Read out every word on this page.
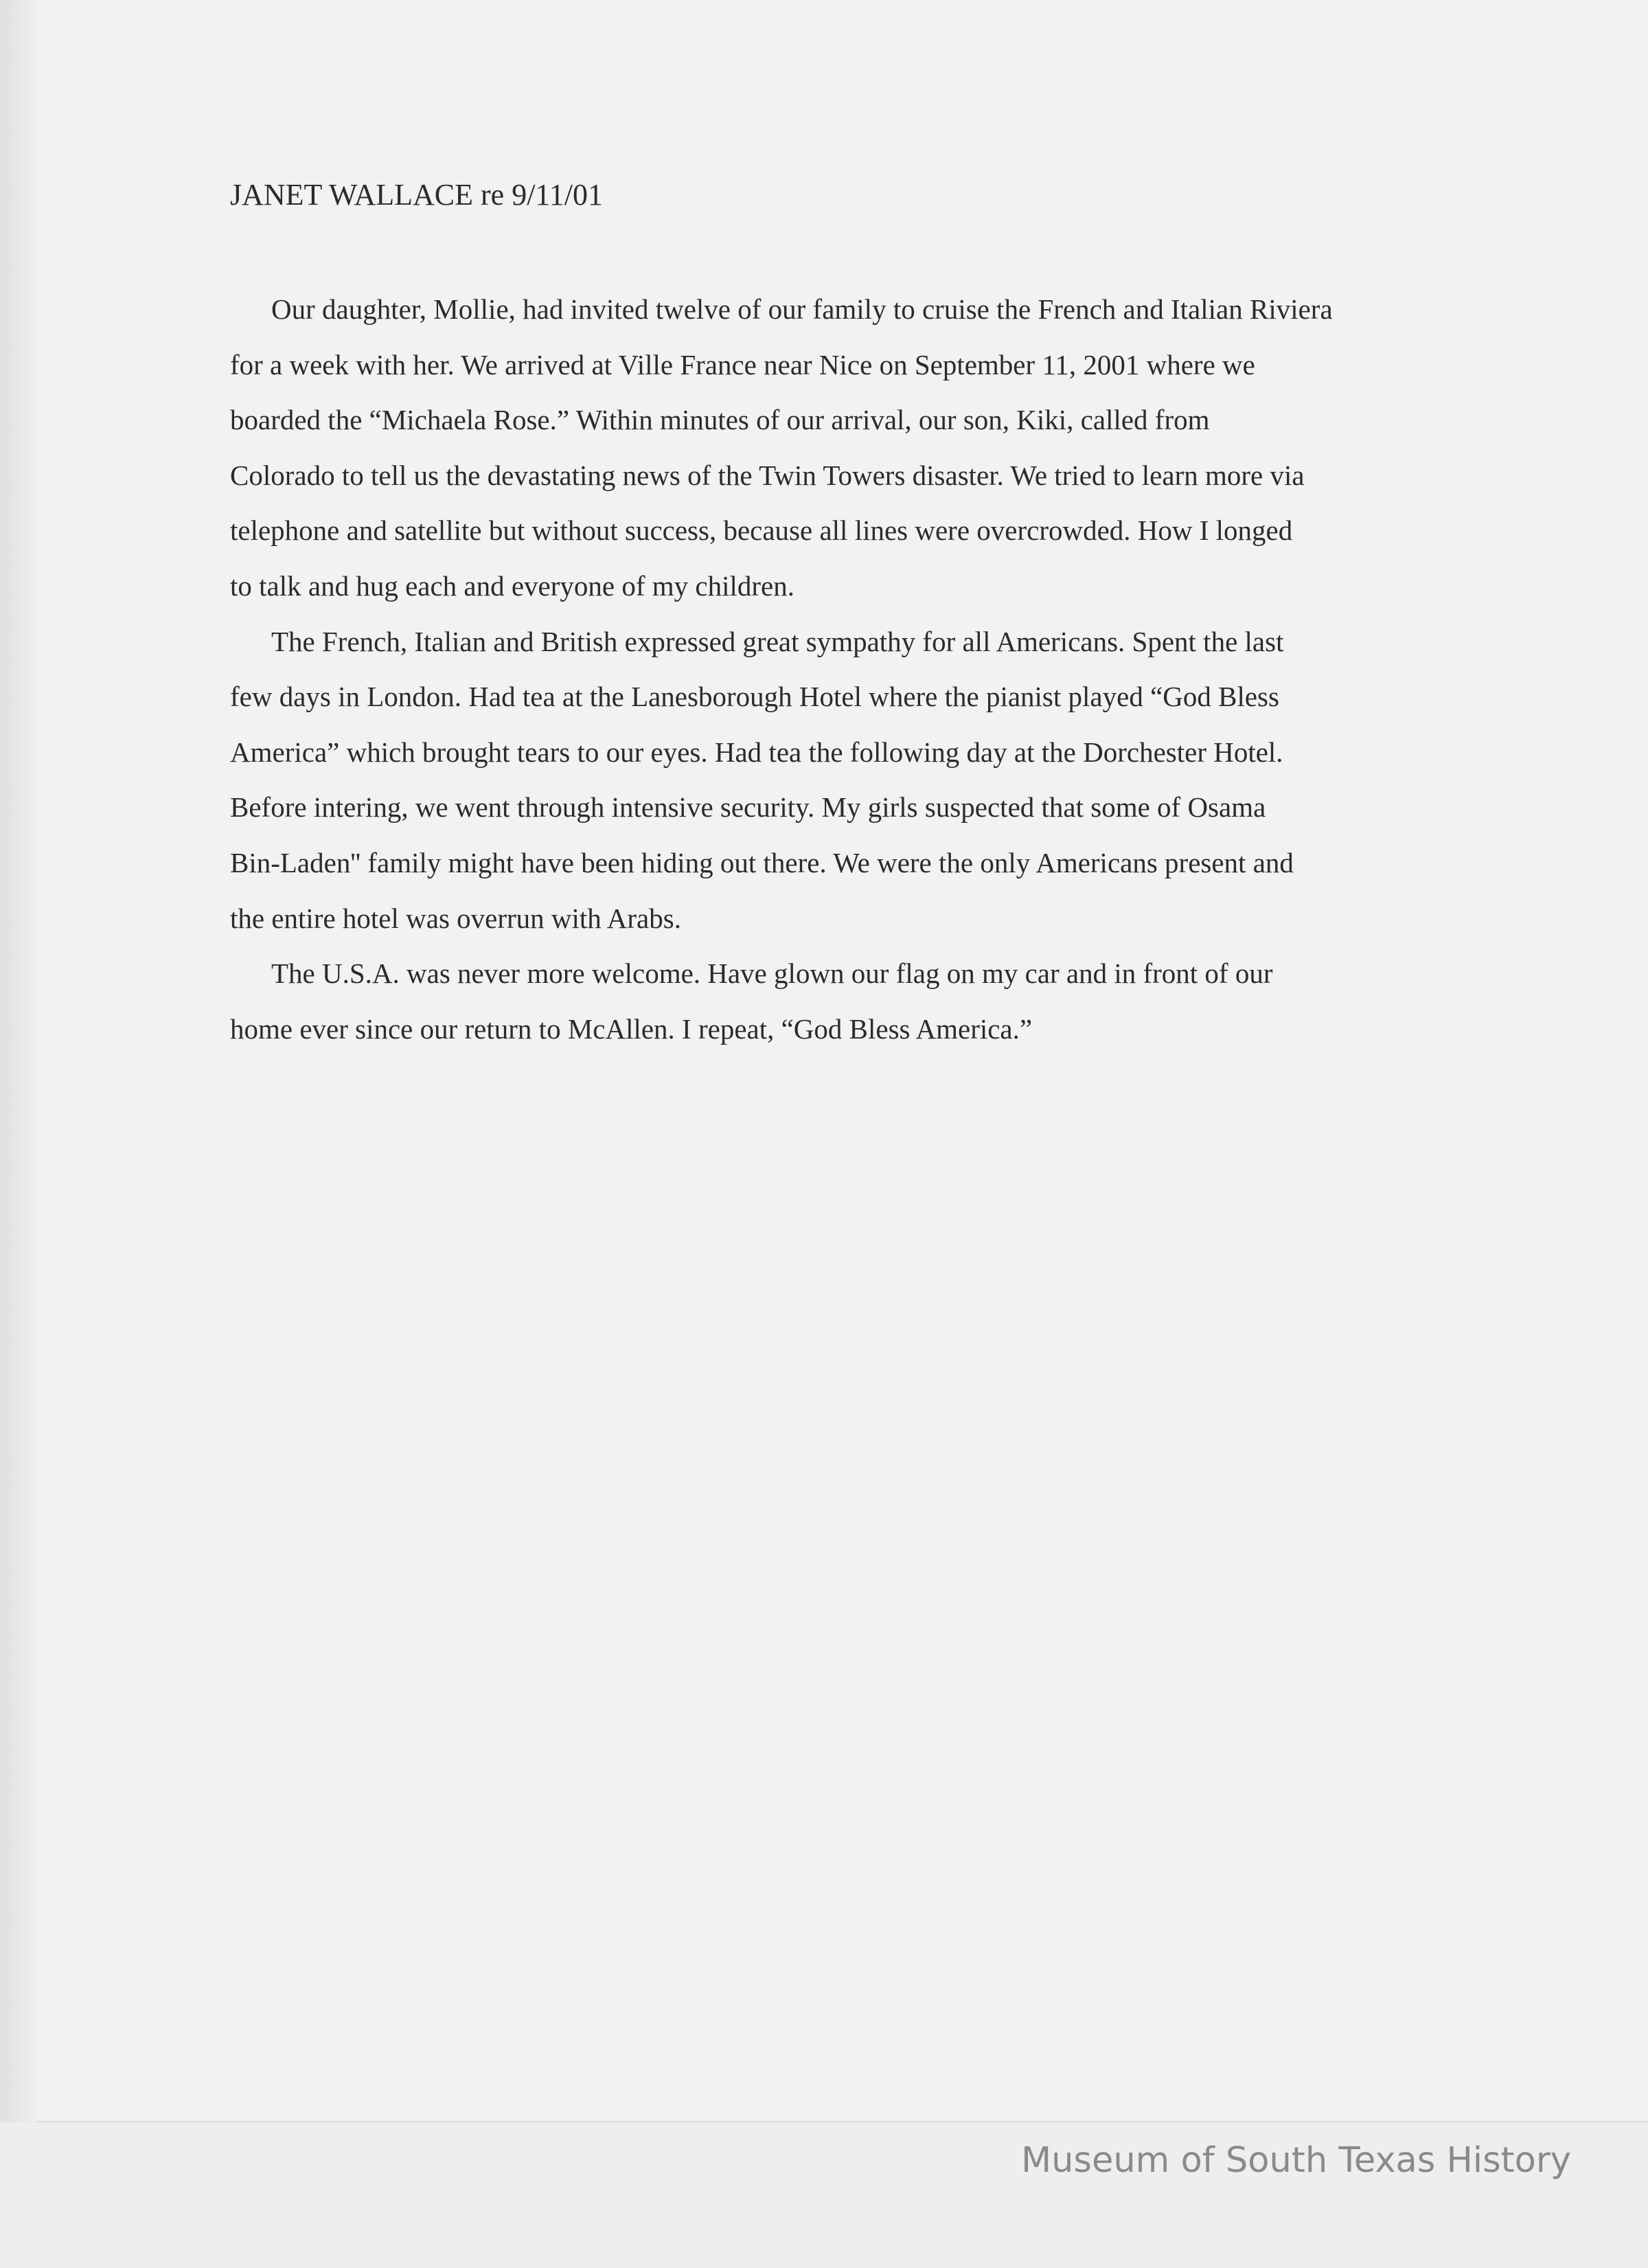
JANET WALLACE re 9/11/01
Our daughter, Mollie, had invited twelve of our family to cruise the French and Italian Riviera
for a week with her. We arrived at Ville France near Nice on September 11, 2001 where we
boarded the “Michaela Rose.” Within minutes of our arrival, our son, Kiki, called from
Colorado to tell us the devastating news of the Twin Towers disaster. We tried to learn more via
telephone and satellite but without success, because all lines were overcrowded. How I longed
to talk and hug each and everyone of my children.
The French, Italian and British expressed great sympathy for all Americans. Spent the last
few days in London. Had tea at the Lanesborough Hotel where the pianist played “God Bless
America” which brought tears to our eyes. Had tea the following day at the Dorchester Hotel.
Before intering, we went through intensive security. My girls suspected that some of Osama
Bin-Laden'' family might have been hiding out there. We were the only Americans present and
the entire hotel was overrun with Arabs.
The U.S.A. was never more welcome. Have glown our flag on my car and in front of our
home ever since our return to McAllen. I repeat, “God Bless America.”
Museum of South Texas History
